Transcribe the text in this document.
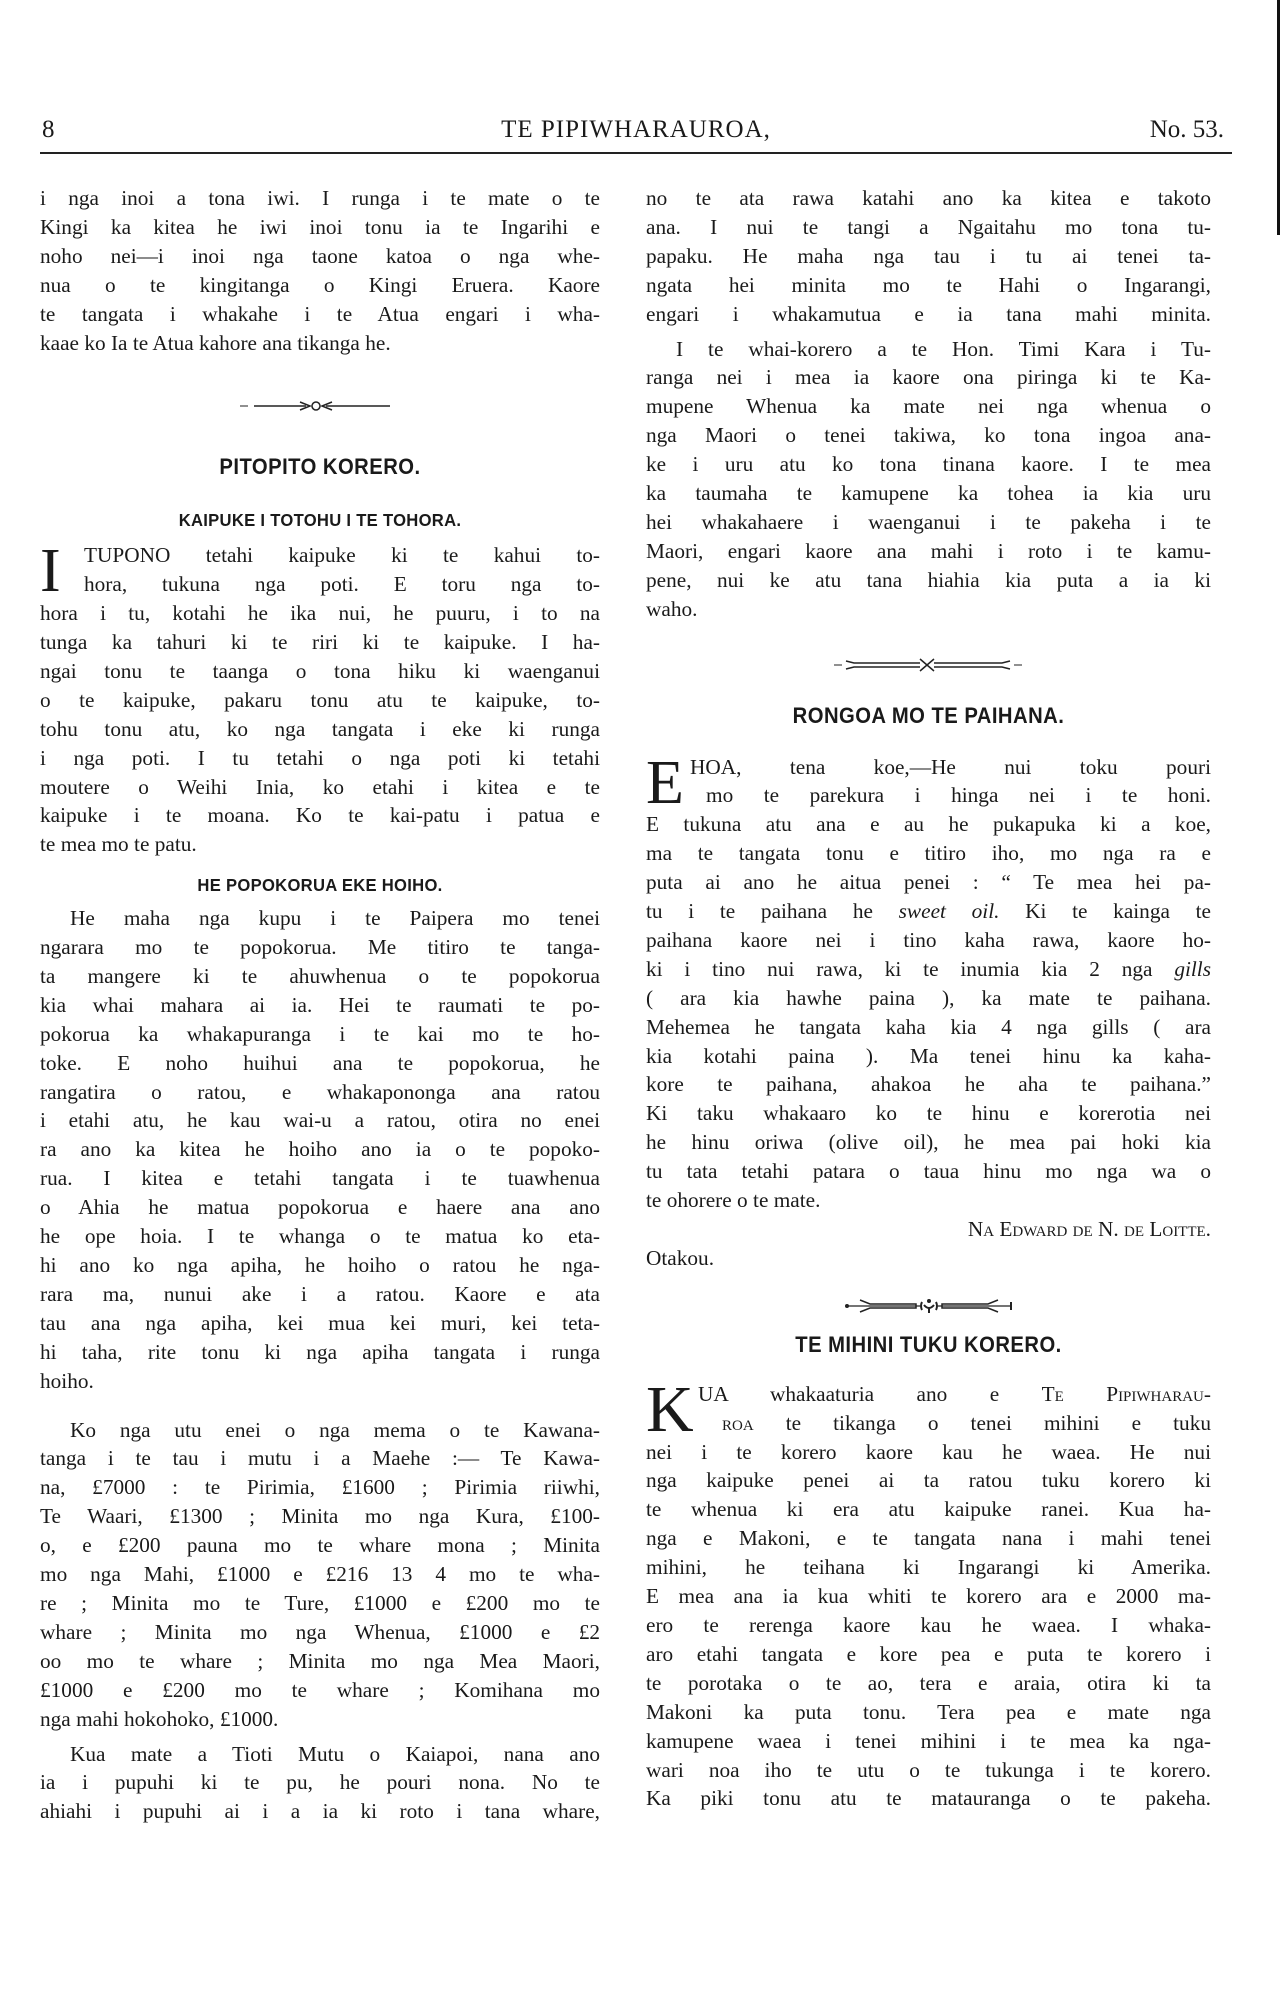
8	TE PIPIWHARAUROA,	No. 53.
i nga inoi a tona iwi. I runga i te mate o te
Kingi ka kitea he iwi inoi tonu ia te Ingarihi e
noho nei—i inoi nga taone katoa o nga whe-
nua o te kingitanga o Kingi Eruera. Kaore
te tangata i whakahe i te Atua engari i wha-
kaae ko Ia te Atua kahore ana tikanga he.
PITOPITO KORERO.
KAIPUKE I TOTOHU I TE TOHORA.
I	TUPONO tetahi kaipuke ki te kahui to-
hora, tukuna nga poti. E toru nga to-
hora i tu, kotahi he ika nui, he puuru, i to na
tunga ka tahuri ki te riri ki te kaipuke. I ha-
ngai tonu te taanga o tona hiku ki waenganui
o te kaipuke, pakaru tonu atu te kaipuke, to-
tohu tonu atu, ko nga tangata i eke ki runga
i nga poti. I tu tetahi o nga poti ki tetahi
moutere o Weihi Inia, ko etahi i kitea e te
kaipuke i te moana. Ko te kai-patu i patua e
te mea mo te patu.
HE POPOKORUA EKE HOIHO.
He maha nga kupu i te Paipera mo tenei
ngarara mo te popokorua. Me titiro te tanga-
ta mangere ki te ahuwhenua o te popokorua
kia whai mahara ai ia. Hei te raumati te po-
pokorua ka whakapuranga i te kai mo te ho-
toke. E noho huihui ana te popokorua, he
rangatira o ratou, e whakapononga ana ratou
i etahi atu, he kau wai-u a ratou, otira no enei
ra ano ka kitea he hoiho ano ia o te popoko-
rua. I kitea e tetahi tangata i te tuawhenua
o Ahia he matua popokorua e haere ana ano
he ope hoia. I te whanga o te matua ko eta-
hi ano ko nga apiha, he hoiho o ratou he nga-
rara ma, nunui ake i a ratou. Kaore e ata
tau ana nga apiha, kei mua kei muri, kei teta-
hi taha, rite tonu ki nga apiha tangata i runga
hoiho.
Ko nga utu enei o nga mema o te Kawana-
tanga i te tau i mutu i a Maehe :— Te Kawa-
na, £7000 : te Pirimia, £1600 ; Pirimia riiwhi,
Te Waari, £1300 ; Minita mo nga Kura, £100-
o, e £200 pauna mo te whare mona ; Minita
mo nga Mahi, £1000 e £216 13 4 mo te wha-
re ; Minita mo te Ture, £1000 e £200 mo te
whare ; Minita mo nga Whenua, £1000 e £2
oo mo te whare ; Minita mo nga Mea Maori,
£1000 e £200 mo te whare ; Komihana mo
nga mahi hokohoko, £1000.
Kua mate a Tioti Mutu o Kaiapoi, nana ano
ia i pupuhi ki te pu, he pouri nona. No te
ahiahi i pupuhi ai i a ia ki roto i tana whare,
no te ata rawa katahi ano ka kitea e takoto
ana. I nui te tangi a Ngaitahu mo tona tu-
papaku. He maha nga tau i tu ai tenei ta-
ngata hei minita mo te Hahi o Ingarangi,
engari i whakamutua e ia tana mahi minita.
I te whai-korero a te Hon. Timi Kara i Tu-
ranga nei i mea ia kaore ona piringa ki te Ka-
mupene Whenua ka mate nei nga whenua o
nga Maori o tenei takiwa, ko tona ingoa ana-
ke i uru atu ko tona tinana kaore. I te mea
ka taumaha te kamupene ka tohea ia kia uru
hei whakahaere i waenganui i te pakeha i te
Maori, engari kaore ana mahi i roto i te kamu-
pene, nui ke atu tana hiahia kia puta a ia ki
waho.
RONGOA MO TE PAIHANA.
E HOA, tena koe,—He nui toku pouri
mo te parekura i hinga nei i te honi.
E tukuna atu ana e au he pukapuka ki a koe,
ma te tangata tonu e titiro iho, mo nga ra e
puta ai ano he aitua penei : “ Te mea hei pa-
tu i te paihana he sweet oil. Ki te kainga te
paihana kaore nei i tino kaha rawa, kaore ho-
ki i tino nui rawa, ki te inumia kia 2 nga gills
( ara kia hawhe paina ), ka mate te paihana.
Mehemea he tangata kaha kia 4 nga gills ( ara
kia kotahi paina ). Ma tenei hinu ka kaha-
kore te paihana, ahakoa he aha te paihana.”
Ki taku whakaaro ko te hinu e korerotia nei
he hinu oriwa (olive oil), he mea pai hoki kia
tu tata tetahi patara o taua hinu mo nga wa o
te ohorere o te mate.
Na Edward de N. de Loitte.
Otakou.
TE MIHINI TUKU KORERO.
K UA whakaaturia ano e Te Pipiwharau-
roa te tikanga o tenei mihini e tuku
nei i te korero kaore kau he waea. He nui
nga kaipuke penei ai ta ratou tuku korero ki
te whenua ki era atu kaipuke ranei. Kua ha-
nga e Makoni, e te tangata nana i mahi tenei
mihini, he teihana ki Ingarangi ki Amerika.
E mea ana ia kua whiti te korero ara e 2000 ma-
ero te rerenga kaore kau he waea. I whaka-
aro etahi tangata e kore pea e puta te korero i
te porotaka o te ao, tera e araia, otira ki ta
Makoni ka puta tonu. Tera pea e mate nga
kamupene waea i tenei mihini i te mea ka nga-
wari noa iho te utu o te tukunga i te korero.
Ka piki tonu atu te matauranga o te pakeha.
